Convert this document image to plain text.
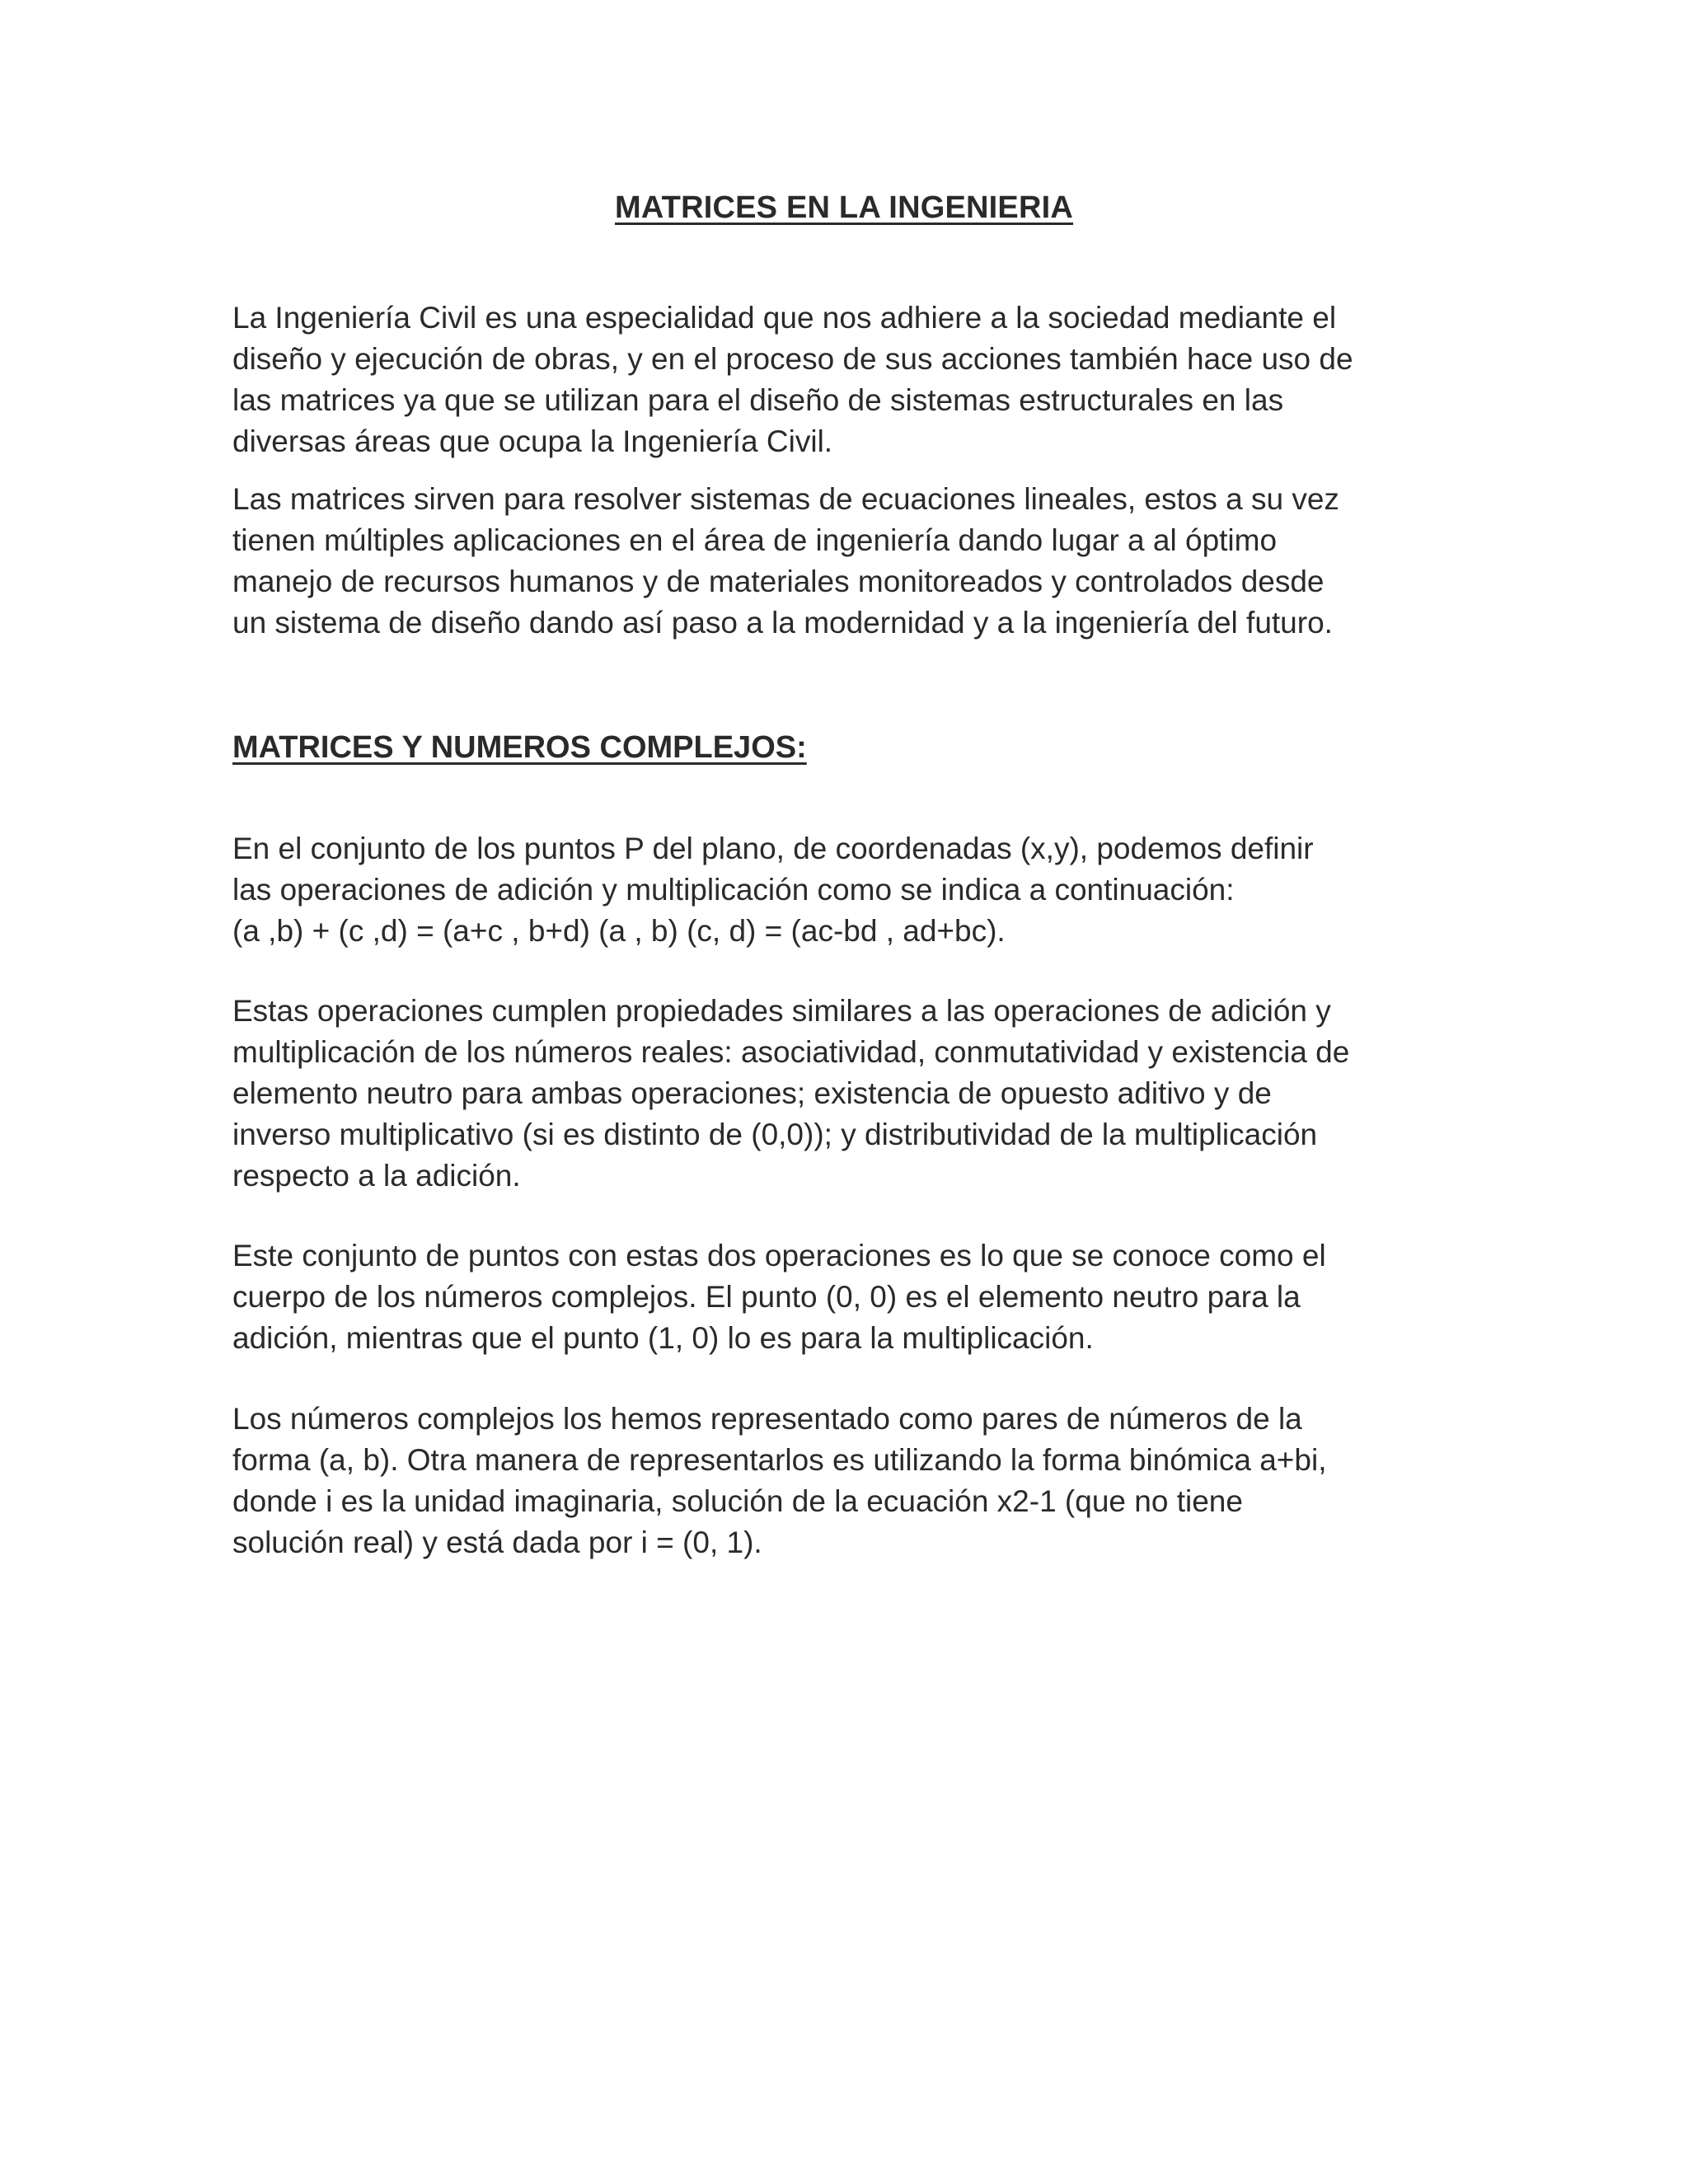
MATRICES EN LA INGENIERIA

La Ingeniería Civil es una especialidad que nos adhiere a la sociedad mediante el
diseño y ejecución de obras, y en el proceso de sus acciones también hace uso de
las matrices ya que se utilizan para el diseño de sistemas estructurales en las
diversas áreas que ocupa la Ingeniería Civil.

Las matrices sirven para resolver sistemas de ecuaciones lineales, estos a su vez
tienen múltiples aplicaciones en el área de ingeniería dando lugar a al óptimo
manejo de recursos humanos y de materiales monitoreados y controlados desde
un sistema de diseño dando así paso a la modernidad y a la ingeniería del futuro.

MATRICES Y NUMEROS COMPLEJOS:

En el conjunto de los puntos P del plano, de coordenadas (x,y), podemos definir
las operaciones de adición y multiplicación como se indica a continuación:
(a ,b) + (c ,d) = (a+c , b+d) (a , b) (c, d) = (ac-bd , ad+bc).

Estas operaciones cumplen propiedades similares a las operaciones de adición y
multiplicación de los números reales: asociatividad, conmutatividad y existencia de
elemento neutro para ambas operaciones; existencia de opuesto aditivo y de
inverso multiplicativo (si es distinto de (0,0)); y distributividad de la multiplicación
respecto a la adición.

Este conjunto de puntos con estas dos operaciones es lo que se conoce como el
cuerpo de los números complejos. El punto (0, 0) es el elemento neutro para la
adición, mientras que el punto (1, 0) lo es para la multiplicación.

Los números complejos los hemos representado como pares de números de la
forma (a, b). Otra manera de representarlos es utilizando la forma binómica a+bi,
donde i es la unidad imaginaria, solución de la ecuación x2-1 (que no tiene
solución real) y está dada por i = (0, 1).
